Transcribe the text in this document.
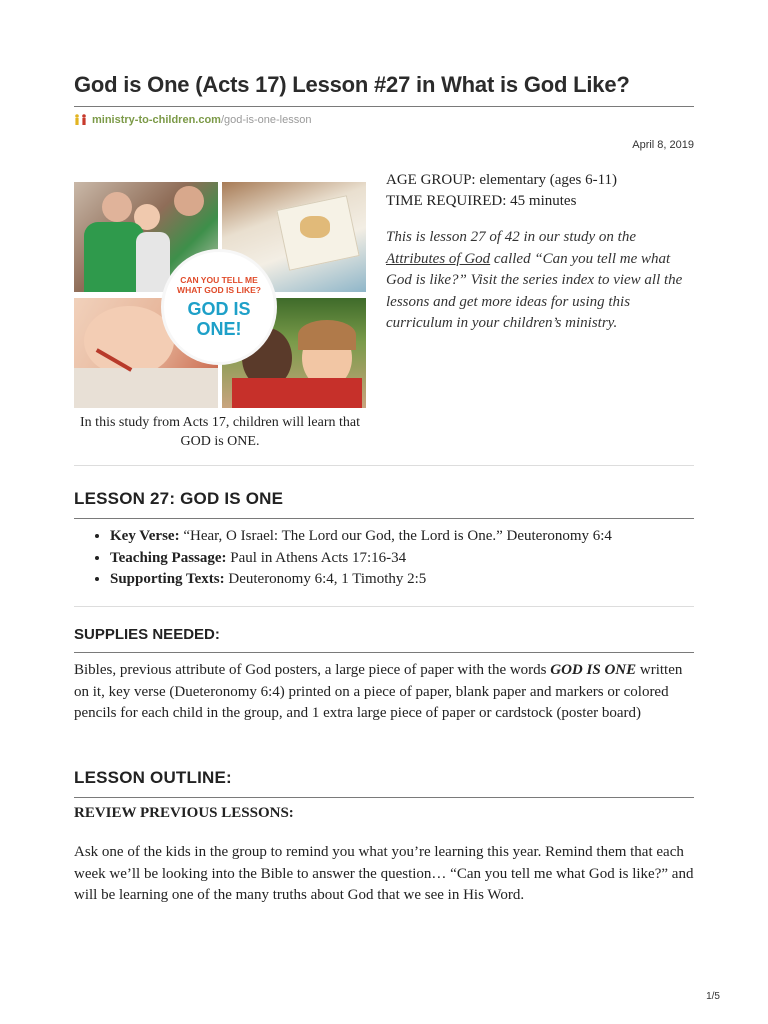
God is One (Acts 17) Lesson #27 in What is God Like?
ministry-to-children.com/god-is-one-lesson
April 8, 2019
CAN YOU TELL ME WHAT GOD IS LIKE?
GOD IS ONE!
In this study from Acts 17, children will learn that GOD is ONE.
AGE GROUP: elementary (ages 6-11)
TIME REQUIRED: 45 minutes
This is lesson 27 of 42 in our study on the Attributes of God called “Can you tell me what God is like?” Visit the series index to view all the lessons and get more ideas for using this curriculum in your children’s ministry.
LESSON 27: GOD IS ONE
• Key Verse: “Hear, O Israel: The Lord our God, the Lord is One.” Deuteronomy 6:4
• Teaching Passage: Paul in Athens Acts 17:16-34
• Supporting Texts: Deuteronomy 6:4, 1 Timothy 2:5
SUPPLIES NEEDED:

Bibles, previous attribute of God posters, a large piece of paper with the words GOD IS ONE written on it, key verse (Dueteronomy 6:4) printed on a piece of paper, blank paper and markers or colored pencils for each child in the group, and 1 extra large piece of paper or cardstock (poster board)

LESSON OUTLINE:
REVIEW PREVIOUS LESSONS:

Ask one of the kids in the group to remind you what you’re learning this year. Remind them that each week we’ll be looking into the Bible to answer the question… “Can you tell me what God is like?” and will be learning one of the many truths about God that we see in His Word.

1/5
